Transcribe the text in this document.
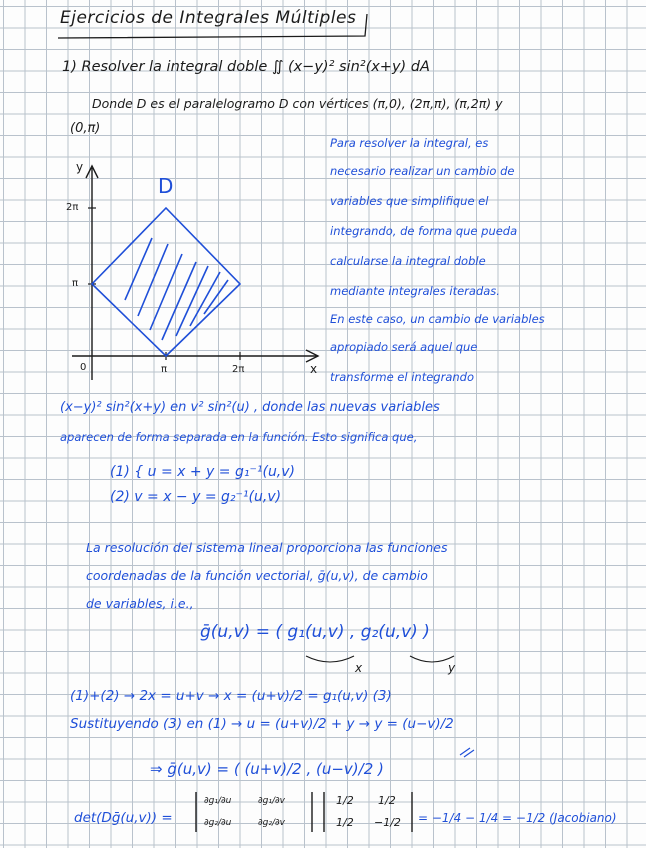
Ejercicios de Integrales Múltiples
1) Resolver la integral doble ∬ (x−y)² sin²(x+y) dA
Donde D es el paralelogramo D con vértices (π,0), (2π,π), (π,2π) y
(0,π)
y
x
D
0	π	2π
2π
π
Para resolver la integral, es
necesario realizar un cambio de
variables que simplifique el
integrando, de forma que pueda
calcularse la integral doble
mediante integrales iteradas.
En este caso, un cambio de variables
apropiado será aquel que
transforme el integrando
(x−y)² sin²(x+y) en v² sin²(u) , donde las nuevas variables
aparecen de forma separada en la función. Esto significa que,
(1) { u = x + y = g₁⁻¹(u,v)
(2) v = x − y = g₂⁻¹(u,v)
La resolución del sistema lineal proporciona las funciones
coordenadas de la función vectorial, ḡ(u,v), de cambio
de variables, i.e.,
ḡ(u,v) = ( g₁(u,v) , g₂(u,v) )
x	y
(1)+(2) → 2x = u+v → x = (u+v)/2 = g₁(u,v) (3)
Sustituyendo (3) en (1) → u = (u+v)/2 + y → y = (u−v)/2
⇒ ḡ(u,v) = ( (u+v)/2 , (u−v)/2 )
det(Dḡ(u,v)) =
∂g₁/∂u	∂g₁/∂v
∂g₂/∂u	∂g₂/∂v
1/2 1/2
1/2 −1/2 = −1/4 − 1/4 = −1/2 (Jacobiano)
